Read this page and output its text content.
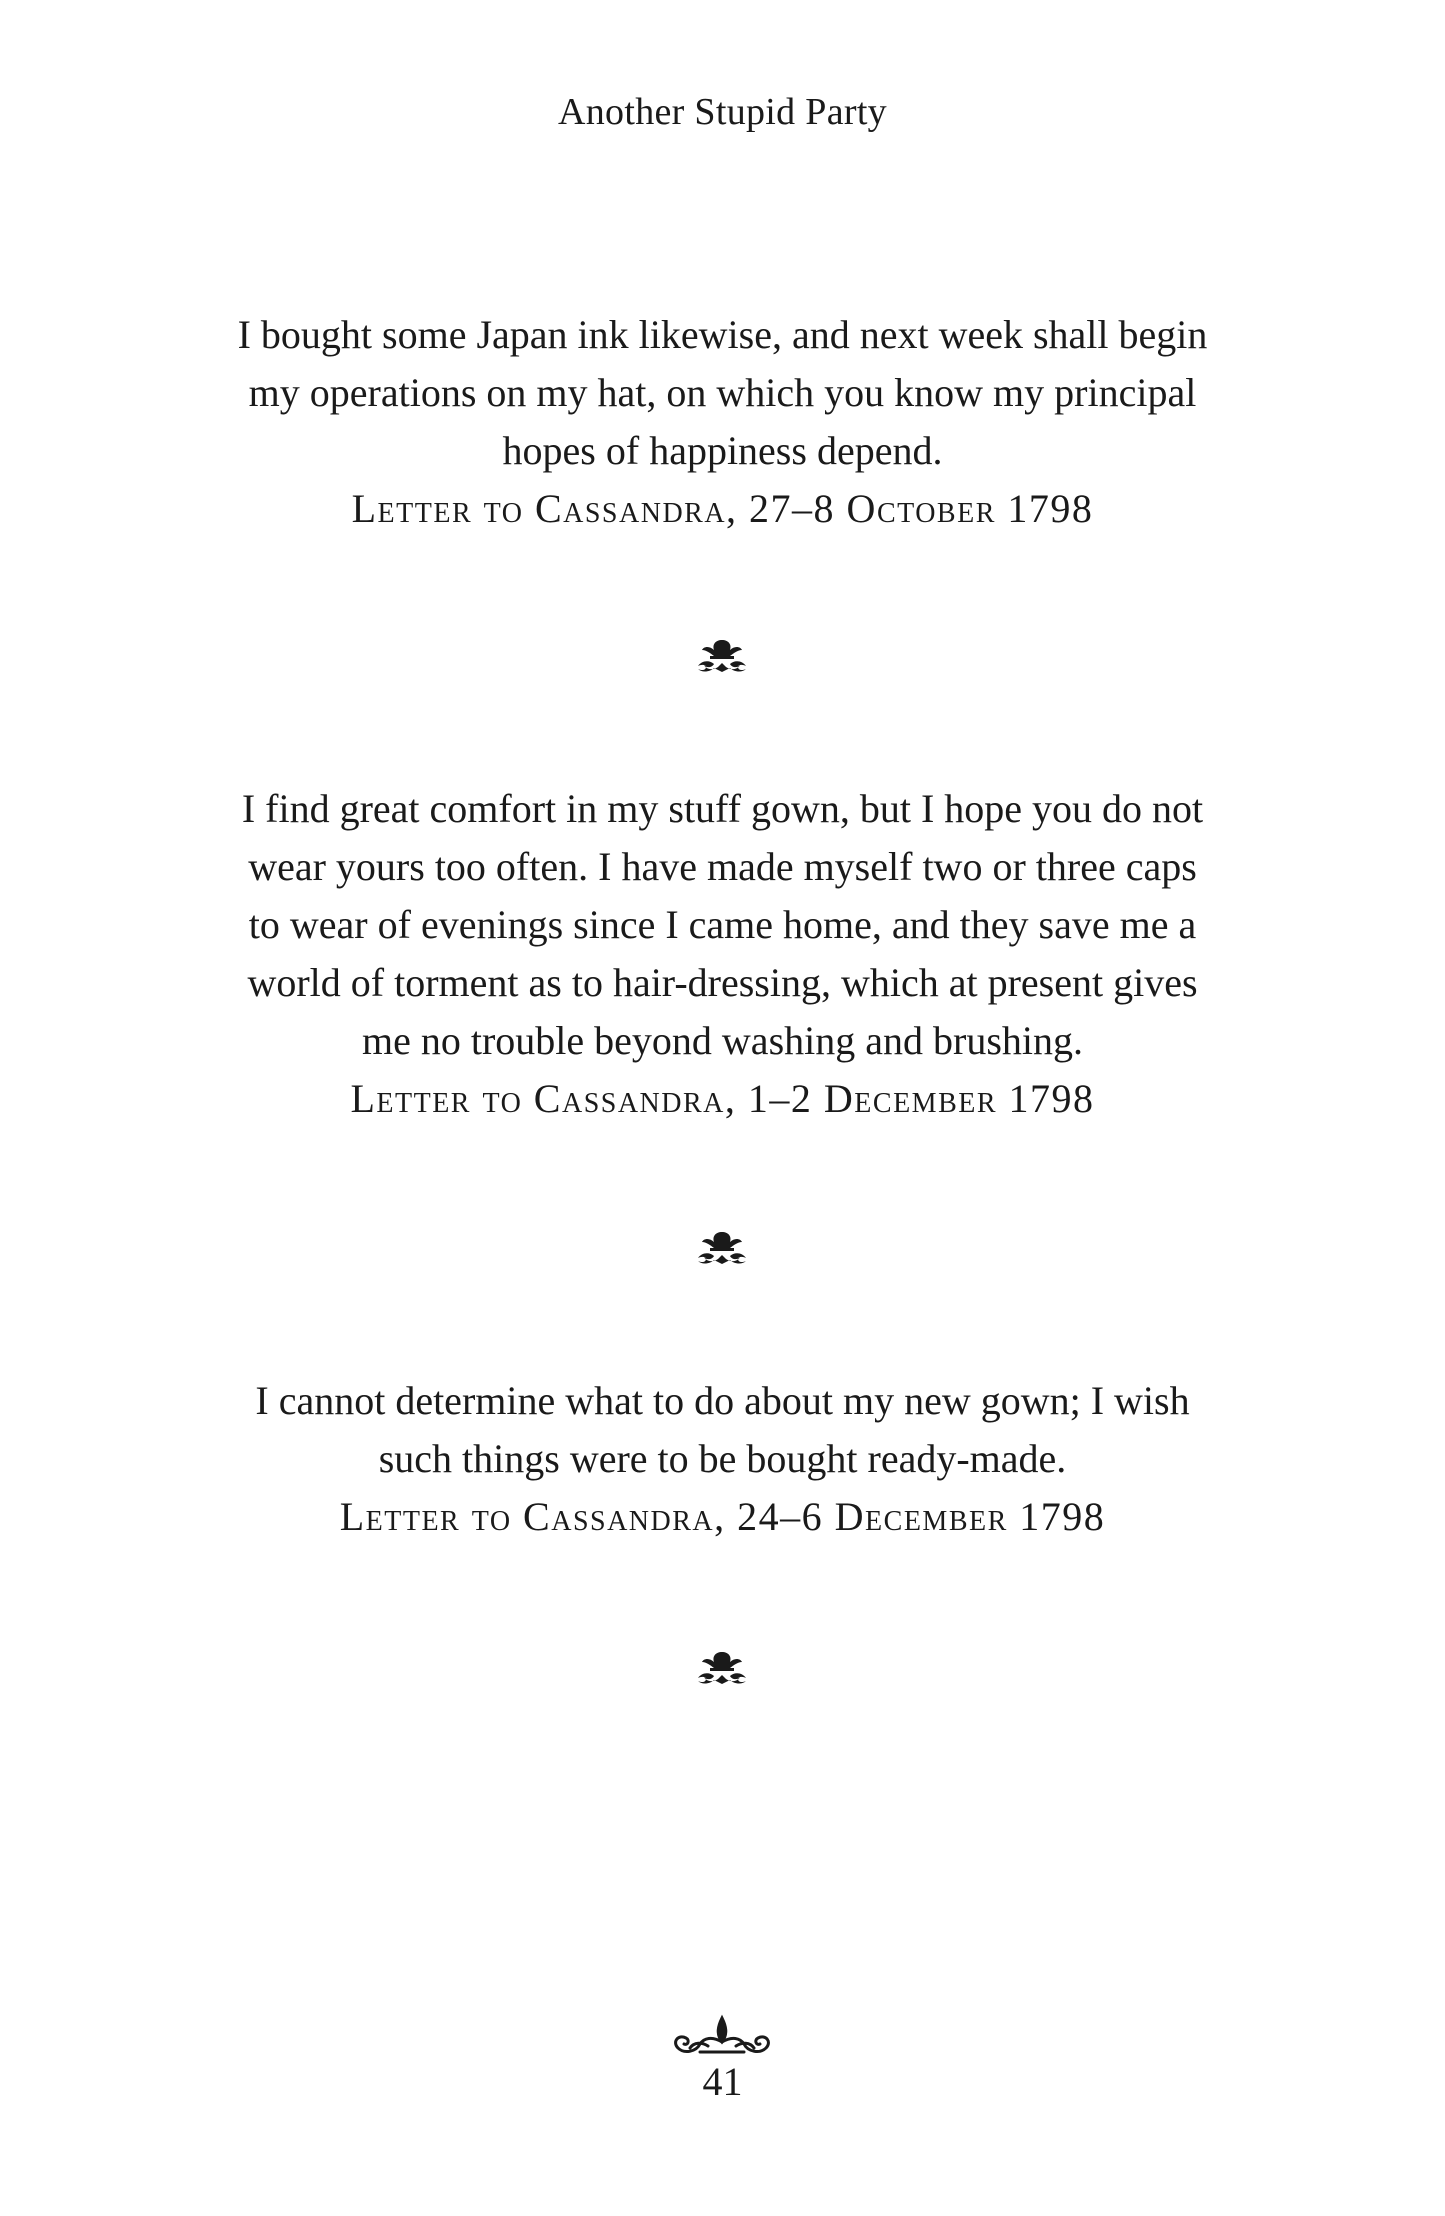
Another Stupid Party

I bought some Japan ink likewise, and next week shall begin

my operations on my hat, on which you know my principal

hopes of happiness depend.

Letter to Cassandra, 27–8 October 1798

I find great comfort in my stuff gown, but I hope you do not

wear yours too often. I have made myself two or three caps

to wear of evenings since I came home, and they save me a

world of torment as to hair-dressing, which at present gives

me no trouble beyond washing and brushing.

Letter to Cassandra, 1–2 December 1798

I cannot determine what to do about my new gown; I wish

such things were to be bought ready-made.

Letter to Cassandra, 24–6 December 1798

41
